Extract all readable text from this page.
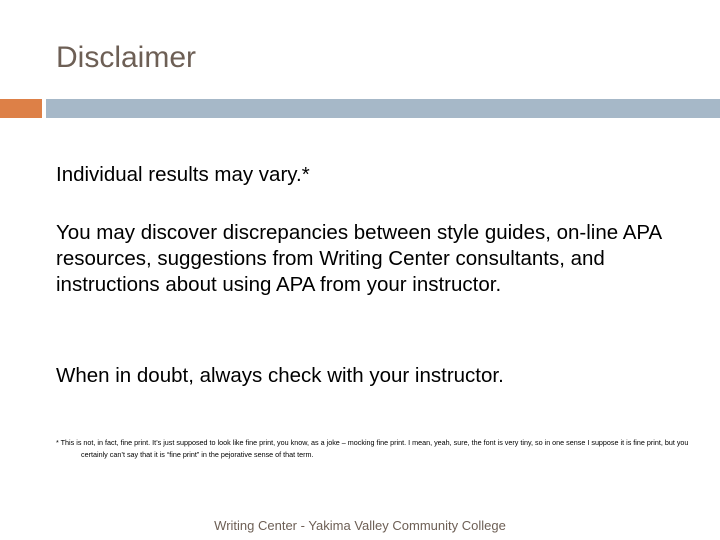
Disclaimer

Individual results may vary.*

You may discover discrepancies between style guides, on-line APA resources, suggestions from Writing Center consultants, and instructions about using APA from your instructor.

When in doubt, always check with your instructor.

* This is not, in fact, fine print. It’s just supposed to look like fine print, you know, as a joke – mocking fine print. I mean, yeah, sure, the font is very tiny, so in one sense I suppose it is fine print, but you certainly can’t say that it is “fine print” in the pejorative sense of that term.

Writing Center - Yakima Valley Community College
